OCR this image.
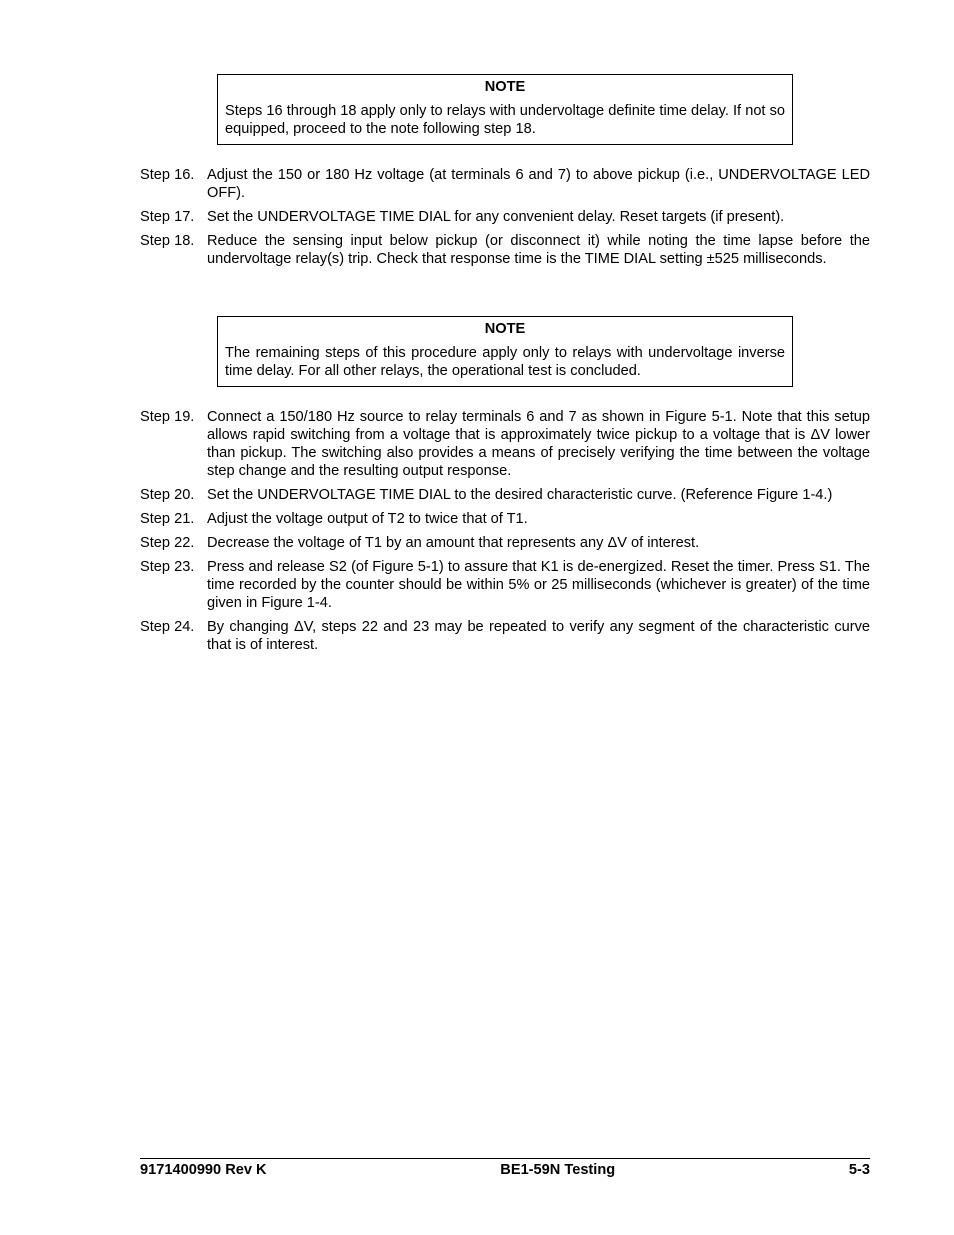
NOTE
Steps 16 through 18 apply only to relays with undervoltage definite time delay. If not so equipped, proceed to the note following step 18.
Step 16. Adjust the 150 or 180 Hz voltage (at terminals 6 and 7) to above pickup (i.e., UNDERVOLTAGE LED OFF).
Step 17. Set the UNDERVOLTAGE TIME DIAL for any convenient delay. Reset targets (if present).
Step 18. Reduce the sensing input below pickup (or disconnect it) while noting the time lapse before the undervoltage relay(s) trip. Check that response time is the TIME DIAL setting ±525 milliseconds.
NOTE
The remaining steps of this procedure apply only to relays with undervoltage inverse time delay. For all other relays, the operational test is concluded.
Step 19. Connect a 150/180 Hz source to relay terminals 6 and 7 as shown in Figure 5-1. Note that this setup allows rapid switching from a voltage that is approximately twice pickup to a voltage that is ΔV lower than pickup. The switching also provides a means of precisely verifying the time between the voltage step change and the resulting output response.
Step 20. Set the UNDERVOLTAGE TIME DIAL to the desired characteristic curve. (Reference Figure 1-4.)
Step 21. Adjust the voltage output of T2 to twice that of T1.
Step 22. Decrease the voltage of T1 by an amount that represents any ΔV of interest.
Step 23. Press and release S2 (of Figure 5-1) to assure that K1 is de-energized. Reset the timer. Press S1. The time recorded by the counter should be within 5% or 25 milliseconds (whichever is greater) of the time given in Figure 1-4.
Step 24. By changing ΔV, steps 22 and 23 may be repeated to verify any segment of the characteristic curve that is of interest.
9171400990 Rev K	BE1-59N Testing	5-3
